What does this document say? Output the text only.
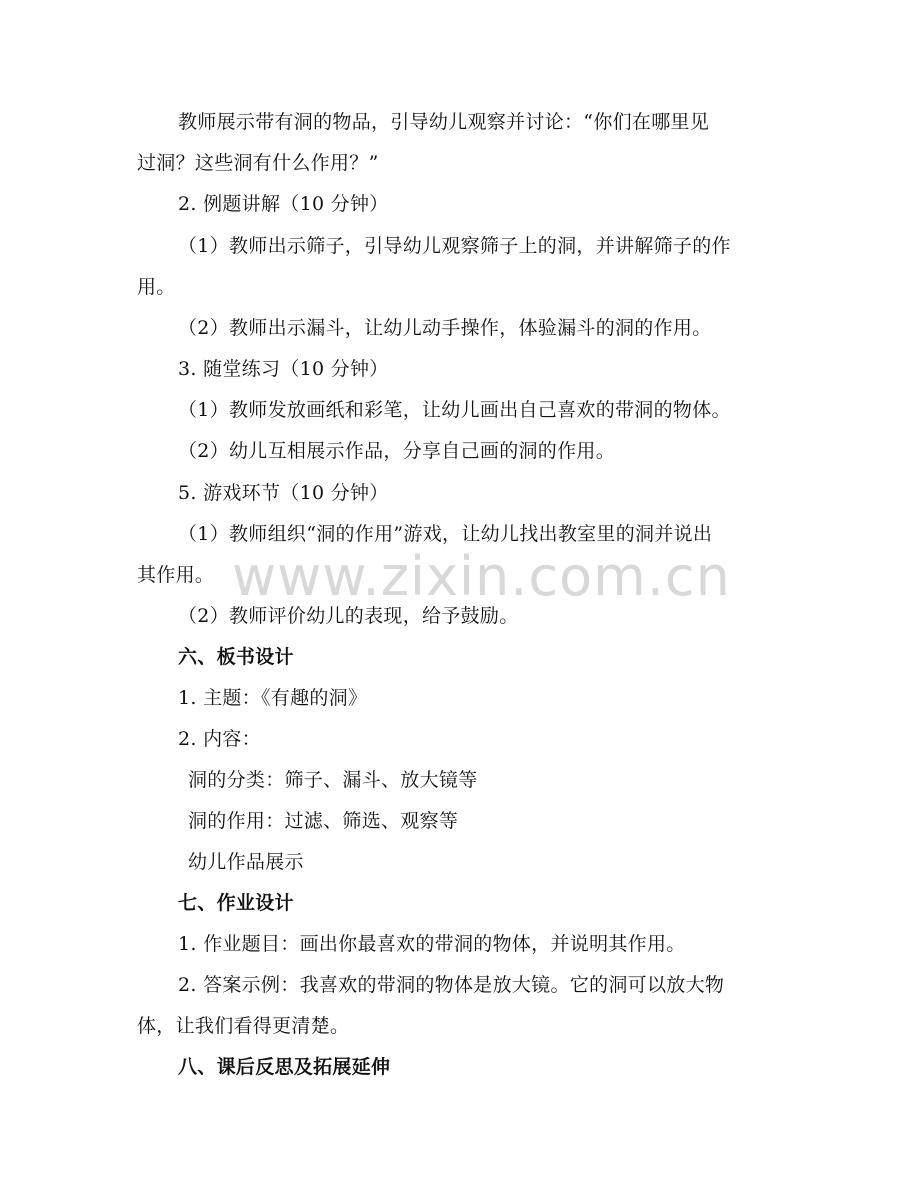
教师展示带有洞的物品，引导幼儿观察并讨论：“你们在哪里见
过洞？这些洞有什么作用？”
2. 例题讲解（10 分钟）
（1）教师出示筛子，引导幼儿观察筛子上的洞，并讲解筛子的作
用。
（2）教师出示漏斗，让幼儿动手操作，体验漏斗的洞的作用。
3. 随堂练习（10 分钟）
（1）教师发放画纸和彩笔，让幼儿画出自己喜欢的带洞的物体。
（2）幼儿互相展示作品，分享自己画的洞的作用。
5. 游戏环节（10 分钟）
（1）教师组织“洞的作用”游戏，让幼儿找出教室里的洞并说出
其作用。
（2）教师评价幼儿的表现，给予鼓励。
六、板书设计
1. 主题：《有趣的洞》
2. 内容：
洞的分类：筛子、漏斗、放大镜等
洞的作用：过滤、筛选、观察等
幼儿作品展示
七、作业设计
1. 作业题目：画出你最喜欢的带洞的物体，并说明其作用。
2. 答案示例：我喜欢的带洞的物体是放大镜。它的洞可以放大物
体，让我们看得更清楚。
八、课后反思及拓展延伸
www.zixin.com.cn
